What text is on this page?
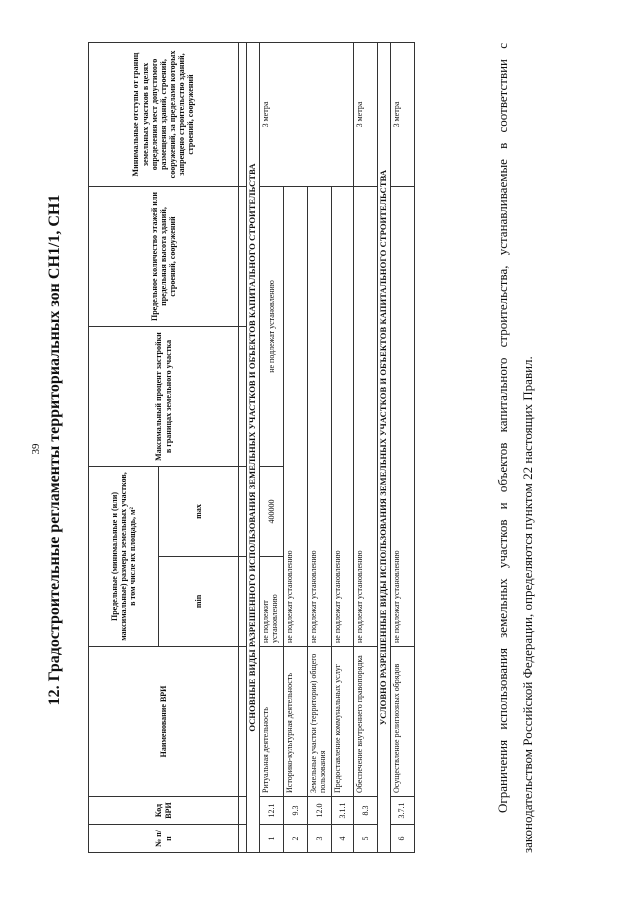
39 12. Градостроительные регламенты территориальных зон СН1/1, СН1
№ п/п	Код ВРИ	Наименование ВРИ	Предельные (минимальные и (или) максимальные) размеры земельных участков, в том числе их площадь, м²		Максимальный процент застройки в границах земельного участка	Предельное количество этажей или предельная высота зданий, строений, сооружений	Минимальные отступы от границ земельных участков в целях определения мест допустимого размещения зданий, строений, сооружений, за пределами которых запрещено строительство зданий, строений, сооружений
			min	max			

ОСНОВНЫЕ ВИДЫ РАЗРЕШЕННОГО ИСПОЛЬЗОВАНИЯ ЗЕМЕЛЬНЫХ УЧАСТКОВ И ОБЪЕКТОВ КАПИТАЛЬНОГО СТРОИТЕЛЬСТВА							
1	12.1	Ритуальная деятельность	не подлежит установлению	400000	не подлежат установлению		3 метра
2	9.3	Историко-культурная деятельность	не подлежат установлению				
3	12.0	Земельные участки (территории) общего пользования	не подлежат установлению				
4	3.1.1	Предоставление коммунальных услуг	не подлежат установлению				
5	8.3	Обеспечение внутреннего правопорядка	не подлежат установлению				3 метра
УСЛОВНО РАЗРЕШЕННЫЕ ВИДЫ ИСПОЛЬЗОВАНИЯ ЗЕМЕЛЬНЫХ УЧАСТКОВ И ОБЪЕКТОВ КАПИТАЛЬНОГО СТРОИТЕЛЬСТВА							
6	3.7.1	Осуществление религиозных обрядов	не подлежат установлению				3 метра	Ограничения использования земельных участков и объектов капитального строительства, устанавливаемые в соответствии с законодательством Российской Федерации, определяются пунктом 22 настоящих Правил.
